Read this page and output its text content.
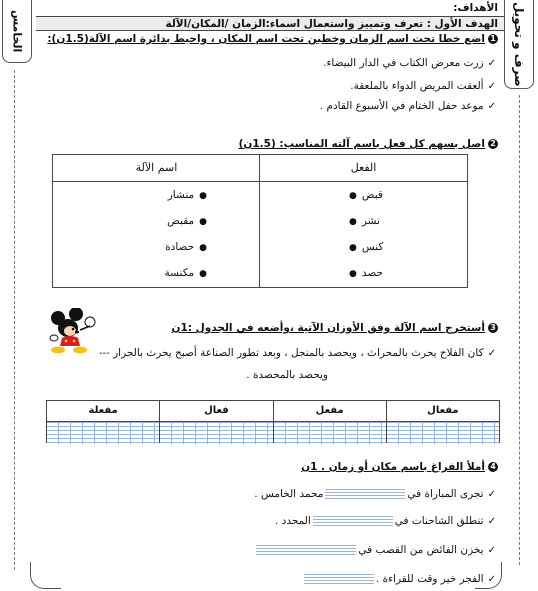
الخامس	صرف و تحويل
الأهداف:
الهدف الأول : تعرف وتمييز واستعمال اسماء:الزمان /المكان/الآلة
1اضع خطا تحت اسم الزمان وخطين تحت اسم المكان ، واحيط بدائرة اسم الآلة(1.5ن):
✓زرت معرض الكتاب في الدار البيضاء.
✓ألعقت المريض الدواء بالملعقة.
✓موعد حفل الختام في الأسبوع القادم .
2اصل بسهم كل فعل باسم آلته المناسب: (1.5ن)
الفعل
قبض●
نشر●
كنس●
حصد●
اسم الآلة
●منشار
●مقبض
●حصادة
●مكنسة
3أستخرج اسم الآلة وفق الأوزان الآتية ،وأضعه في الجدول :1ن
✓كان الفلاح يحرث بالمحراث ، ويحصد بالمنجل ، وبعد تطور الصناعة أصبح يحرث بالجرار ---
ويحصد بالمحصدة .
مفعال
مفعل
فعال
مفعلة
4أملأ الفراغ باسم مكان أو زمان . 1ن
✓تجرى المباراة فيمحمد الخامس .
✓تنطلق الشاحنات فيالمحدد .
✓يخزن الفائض من القصب في
✓الفجر خير وقت للقراءة .
